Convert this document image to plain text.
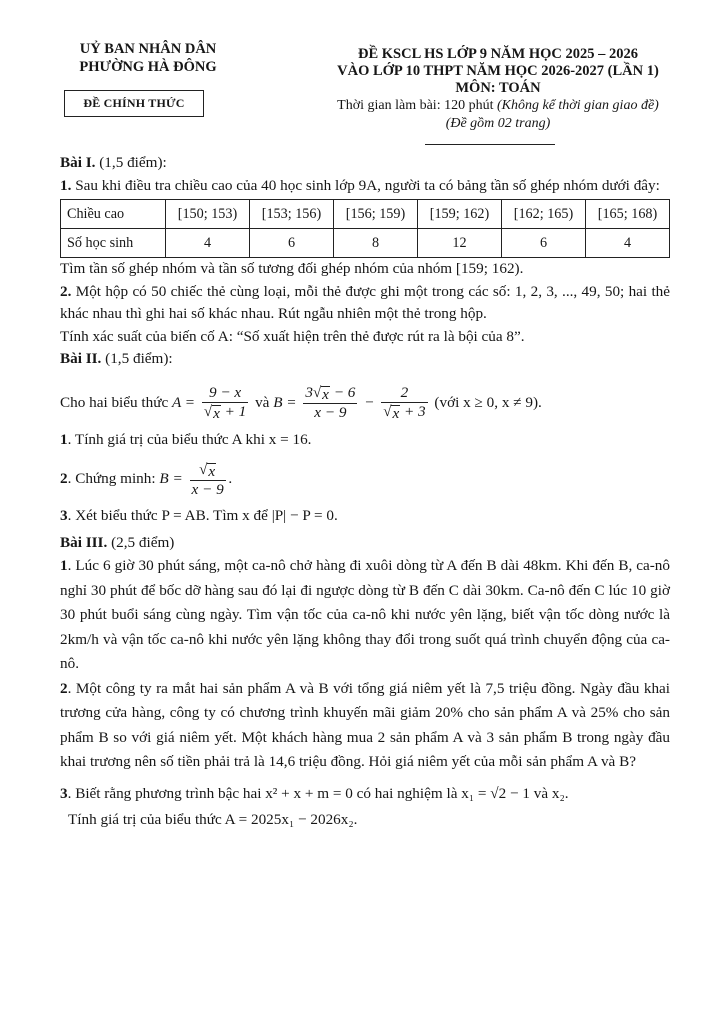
UỶ BAN NHÂN DÂN
PHƯỜNG HÀ ĐÔNG
ĐỀ CHÍNH THỨC
ĐỀ KSCL HS LỚP 9 NĂM HỌC 2025 – 2026
VÀO LỚP 10 THPT NĂM HỌC 2026-2027 (LẦN 1)
MÔN: TOÁN
Thời gian làm bài: 120 phút (Không kể thời gian giao đề)
(Đề gồm 02 trang)

Bài I. (1,5 điểm):

1. Sau khi điều tra chiều cao của 40 học sinh lớp 9A, người ta có bảng tần số ghép nhóm dưới đây:

Chiều cao	[150; 153)	[153; 156)	[156; 159)	[159; 162)	[162; 165)	[165; 168)
Số học sinh	4	6	8	12	6	4

Tìm tần số ghép nhóm và tần số tương đối ghép nhóm của nhóm [159; 162).

2. Một hộp có 50 chiếc thẻ cùng loại, mỗi thẻ được ghi một trong các số: 1, 2, 3, ..., 49, 50; hai thẻ khác nhau thì ghi hai số khác nhau. Rút ngẫu nhiên một thẻ trong hộp.

Tính xác suất của biến cố A: “Số xuất hiện trên thẻ được rút ra là bội của 8”.

Bài II. (1,5 điểm):

Cho hai biểu thức $A = \frac{9 - x}{√ x + 1}$ và $B = \frac{3 √ x - 6}{x - 9} - \frac{2}{√ x + 3}$ (với x ≥ 0, x ≠ 9).

1. Tính giá trị của biểu thức A khi x = 16.

2. Chứng minh: $B = \frac{√ x}{x - 9}$ .

3. Xét biểu thức P = AB. Tìm x để |P| − P = 0.

Bài III. (2,5 điểm)

1. Lúc 6 giờ 30 phút sáng, một ca-nô chở hàng đi xuôi dòng từ A đến B dài 48km. Khi đến B, ca-nô nghỉ 30 phút để bốc dỡ hàng sau đó lại đi ngược dòng từ B đến C dài 30km. Ca-nô đến C lúc 10 giờ 30 phút buổi sáng cùng ngày. Tìm vận tốc của ca-nô khi nước yên lặng, biết vận tốc dòng nước là 2km/h và vận tốc ca-nô khi nước yên lặng không thay đổi trong suốt quá trình chuyển động của ca-nô.

2. Một công ty ra mắt hai sản phẩm A và B với tổng giá niêm yết là 7,5 triệu đồng. Ngày đầu khai trương cửa hàng, công ty có chương trình khuyến mãi giảm 20% cho sản phẩm A và 25% cho sản phẩm B so với giá niêm yết. Một khách hàng mua 2 sản phẩm A và 3 sản phẩm B trong ngày đầu khai trương nên số tiền phải trả là 14,6 triệu đồng. Hỏi giá niêm yết của mỗi sản phẩm A và B?

3. Biết rằng phương trình bậc hai x² + x + m = 0 có hai nghiệm là x₁ = √2 − 1 và x₂.

Tính giá trị của biểu thức A = 2025x₁ − 2026x₂.
